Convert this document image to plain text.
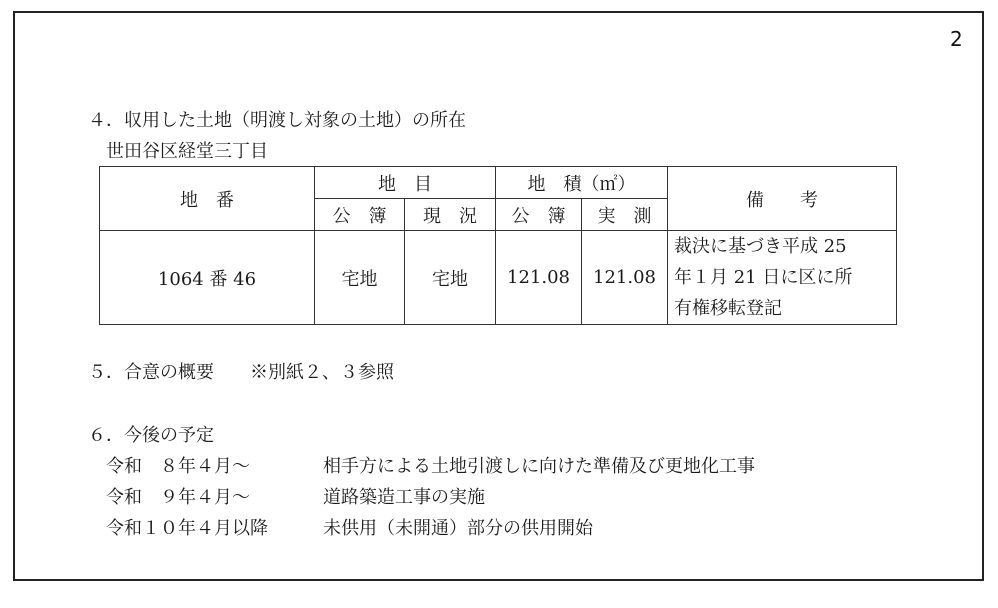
2
４．収用した土地（明渡し対象の土地）の所在
世田谷区経堂三丁目
地　番	地　目		地　積（㎡）		備　　考
	公　簿	現　況	公　簿	実　測	
1064 番 46	宅地	宅地	121.08	121.08	裁決に基づき平成 25
年１月 21 日に区に所
有権移転登記
５．合意の概要　　※別紙２、３参照
６．今後の予定
令和　８年４月～	相手方による土地引渡しに向けた準備及び更地化工事
令和　９年４月～	道路築造工事の実施
令和１０年４月以降	未供用（未開通）部分の供用開始
